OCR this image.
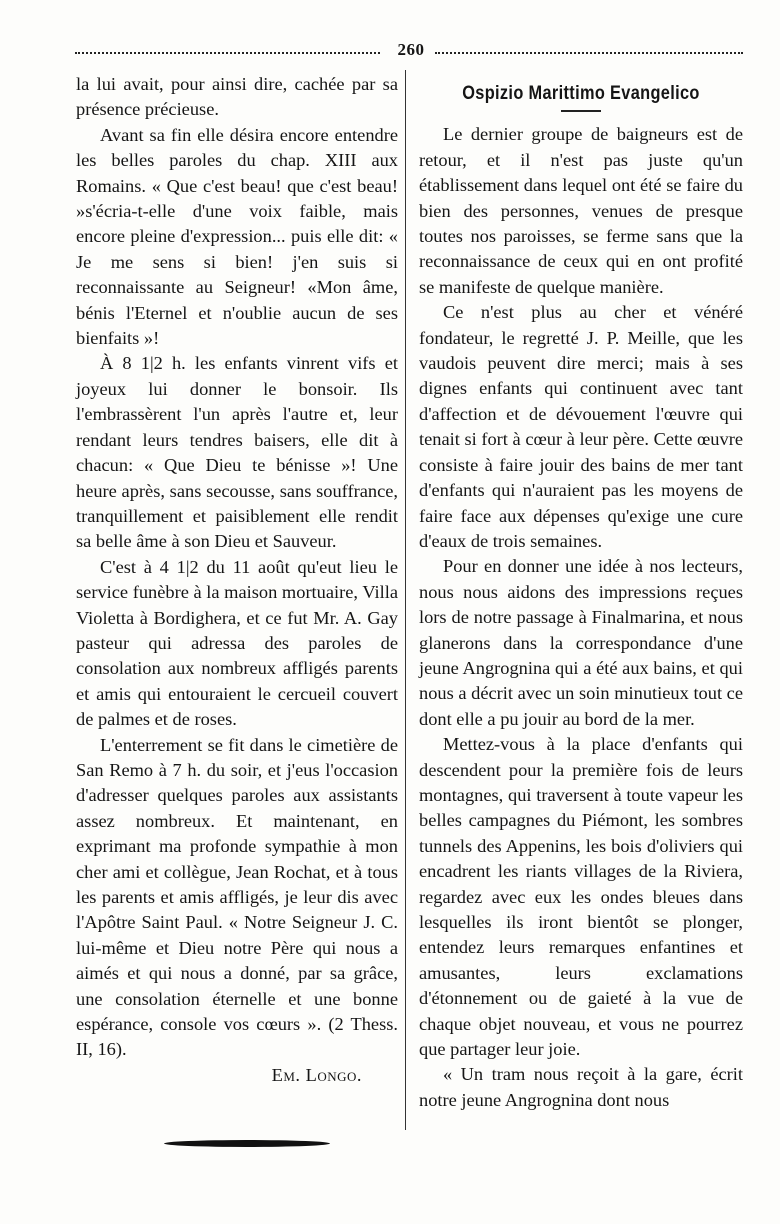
260

la lui avait, pour ainsi dire, cachée par sa présence précieuse.

Avant sa fin elle désira encore entendre les belles paroles du chap. XIII aux Romains. « Que c'est beau! que c'est beau! »s'écria-t-elle d'une voix faible, mais encore pleine d'expression... puis elle dit: « Je me sens si bien! j'en suis si reconnaissante au Seigneur! «Mon âme, bénis l'Eternel et n'oublie aucun de ses bienfaits »!

À 8 1|2 h. les enfants vinrent vifs et joyeux lui donner le bonsoir. Ils l'embrassèrent l'un après l'autre et, leur rendant leurs tendres baisers, elle dit à chacun: « Que Dieu te bénisse »! Une heure après, sans secousse, sans souffrance, tranquillement et paisiblement elle rendit sa belle âme à son Dieu et Sauveur.

C'est à 4 1|2 du 11 août qu'eut lieu le service funèbre à la maison mortuaire, Villa Violetta à Bordighera, et ce fut Mr. A. Gay pasteur qui adressa des paroles de consolation aux nombreux affligés parents et amis qui entouraient le cercueil couvert de palmes et de roses.

L'enterrement se fit dans le cimetière de San Remo à 7 h. du soir, et j'eus l'occasion d'adresser quelques paroles aux assistants assez nombreux. Et maintenant, en exprimant ma profonde sympathie à mon cher ami et collègue, Jean Rochat, et à tous les parents et amis affligés, je leur dis avec l'Apôtre Saint Paul. « Notre Seigneur J. C. lui-même et Dieu notre Père qui nous a aimés et qui nous a donné, par sa grâce, une consolation éternelle et une bonne espérance, console vos cœurs ». (2 Thess. II, 16).

Em. Longo.
Ospizio Marittimo Evangelico

Le dernier groupe de baigneurs est de retour, et il n'est pas juste qu'un établissement dans lequel ont été se faire du bien des personnes, venues de presque toutes nos paroisses, se ferme sans que la reconnaissance de ceux qui en ont profité se manifeste de quelque manière.

Ce n'est plus au cher et vénéré fondateur, le regretté J. P. Meille, que les vaudois peuvent dire merci; mais à ses dignes enfants qui continuent avec tant d'affection et de dévouement l'œuvre qui tenait si fort à cœur à leur père. Cette œuvre consiste à faire jouir des bains de mer tant d'enfants qui n'auraient pas les moyens de faire face aux dépenses qu'exige une cure d'eaux de trois semaines.

Pour en donner une idée à nos lecteurs, nous nous aidons des impressions reçues lors de notre passage à Finalmarina, et nous glanerons dans la correspondance d'une jeune Angrognina qui a été aux bains, et qui nous a décrit avec un soin minutieux tout ce dont elle a pu jouir au bord de la mer.

Mettez-vous à la place d'enfants qui descendent pour la première fois de leurs montagnes, qui traversent à toute vapeur les belles campagnes du Piémont, les sombres tunnels des Appenins, les bois d'oliviers qui encadrent les riants villages de la Riviera, regardez avec eux les ondes bleues dans lesquelles ils iront bientôt se plonger, entendez leurs remarques enfantines et amusantes, leurs exclamations d'étonnement ou de gaieté à la vue de chaque objet nouveau, et vous ne pourrez que partager leur joie.

« Un tram nous reçoit à la gare, écrit notre jeune Angrognina dont nous
